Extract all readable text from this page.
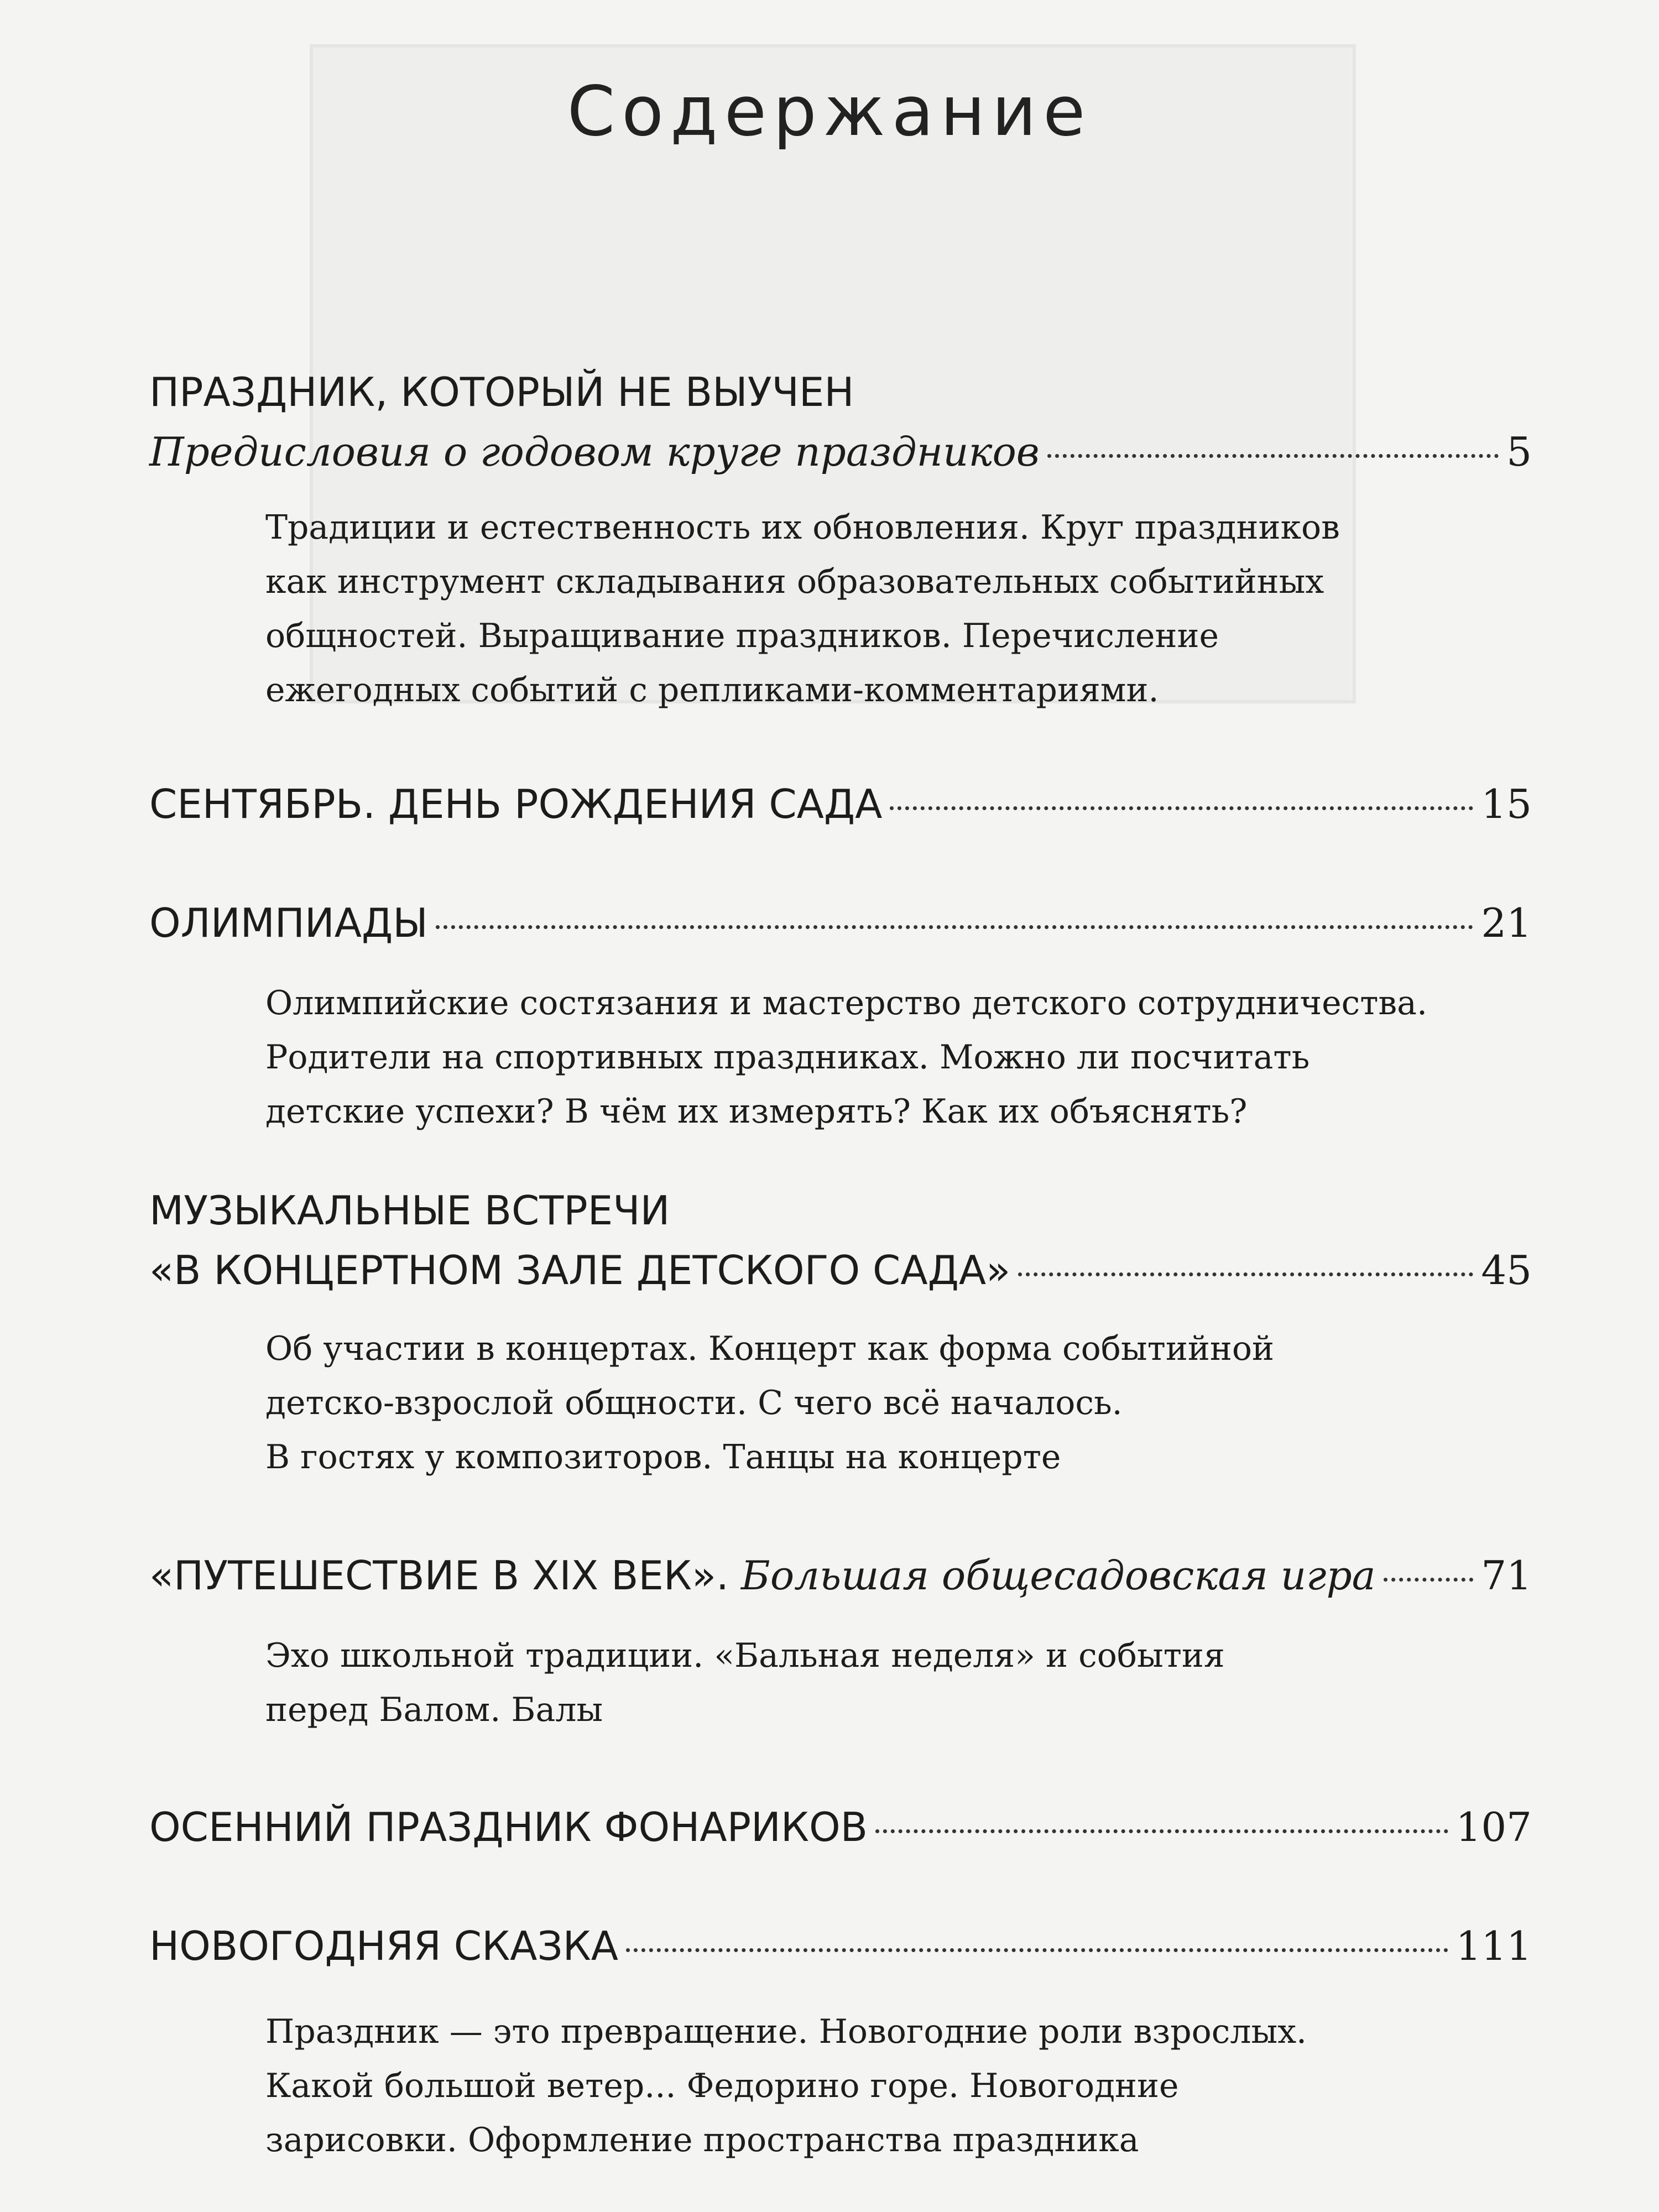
Содержание
ПРАЗДНИК, КОТОРЫЙ НЕ ВЫУЧЕН
Предисловия о годовом круге праздников	5
Традиции и естественность их обновления. Круг праздников
как инструмент складывания образовательных событийных
общностей. Выращивание праздников. Перечисление
ежегодных событий с репликами-комментариями.
СЕНТЯБРЬ. ДЕНЬ РОЖДЕНИЯ САДА	15
ОЛИМПИАДЫ	21
Олимпийские состязания и мастерство детского сотрудничества.
Родители на спортивных праздниках. Можно ли посчитать
детские успехи? В чём их измерять? Как их объяснять?
МУЗЫКАЛЬНЫЕ ВСТРЕЧИ
«В КОНЦЕРТНОМ ЗАЛЕ ДЕТСКОГО САДА»	45
Об участии в концертах. Концерт как форма событийной
детско-взрослой общности. С чего всё началось.
В гостях у композиторов. Танцы на концерте
«ПУТЕШЕСТВИЕ В XIX ВЕК». Большая общесадовская игра	71
Эхо школьной традиции. «Бальная неделя» и события
перед Балом. Балы
ОСЕННИЙ ПРАЗДНИК ФОНАРИКОВ	107
НОВОГОДНЯЯ СКАЗКА	111
Праздник — это превращение. Новогодние роли взрослых.
Какой большой ветер... Федорино горе. Новогодние
зарисовки. Оформление пространства праздника
